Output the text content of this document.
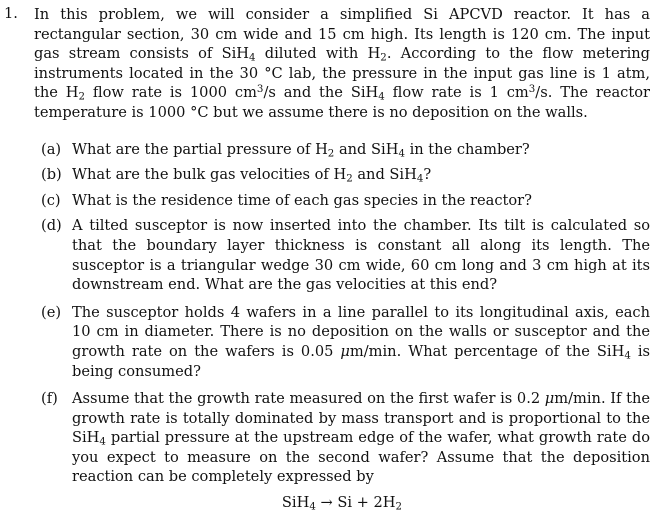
1. In this problem, we will consider a simplified Si APCVD reactor. It has a rectangular section, 30 cm wide and 15 cm high. Its length is 120 cm. The input gas stream consists of SiH$_4$ diluted with $H_2$. According to the flow metering instruments located in the 30 °C lab, the pressure in the input gas line is 1 atm, the $H_2$ flow rate is 1000 $cm^3/s$ and the SiH$_4$ flow rate is 1 $cm^3/s$. The reactor temperature is 1000 °C but we assume there is no deposition on the walls.
(a) What are the partial pressure of $H_2$ and SiH$_4$ in the chamber?
(b) What are the bulk gas velocities of $H_2$ and SiH$_4$?
(c) What is the residence time of each gas species in the reactor?
(d) A tilted susceptor is now inserted into the chamber. Its tilt is calculated so that the boundary layer thickness is constant all along its length. The susceptor is a triangular wedge 30 cm wide, 60 cm long and 3 cm high at its downstream end. What are the gas velocities at this end?
(e) The susceptor holds 4 wafers in a line parallel to its longitudinal axis, each 10 cm in diameter. There is no deposition on the walls or susceptor and the growth rate on the wafers is 0.05 μm/min. What percentage of the SiH$_4$ is being consumed?
(f) Assume that the growth rate measured on the first wafer is 0.2 μm/min. If the growth rate is totally dominated by mass transport and is proportional to the SiH$_4$ partial pressure at the upstream edge of the wafer, what growth rate do you expect to measure on the second wafer? Assume that the deposition reaction can be completely expressed by
$SiH_4 \to Si + 2H_2$
